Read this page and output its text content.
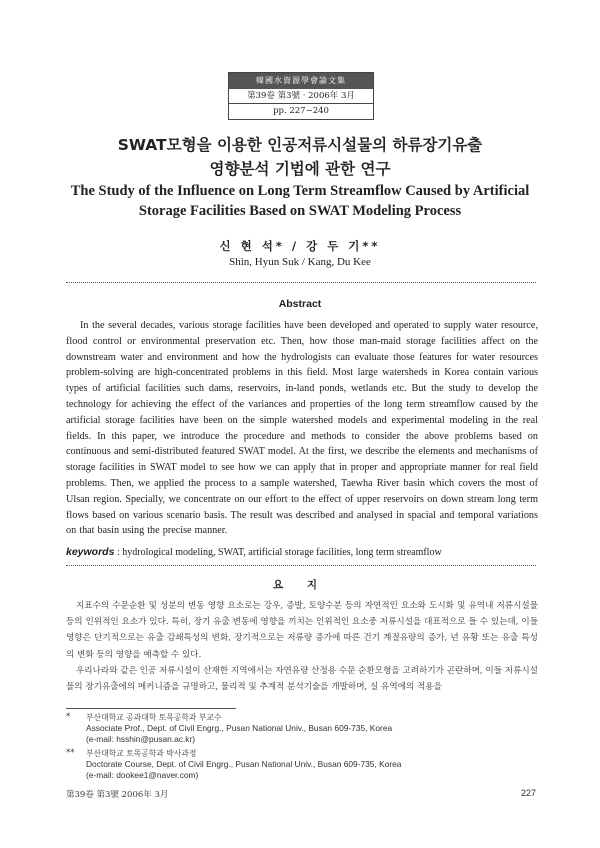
韓國水資源學會論文集
第39卷 第3號 · 2006年 3月
pp. 227~240
SWAT모형을 이용한 인공저류시설물의 하류장기유출
영향분석 기법에 관한 연구
The Study of the Influence on Long Term Streamflow Caused by Artificial
Storage Facilities Based on SWAT Modeling Process
신 현 석* / 강 두 기**
Shin, Hyun Suk / Kang, Du Kee
Abstract

In the several decades, various storage facilities have been developed and operated to supply water resource, flood control or environmental preservation etc. Then, how those man-maid storage facilities affect on the downstream water and environment and how the hydrologists can evaluate those features for water resources problem-solving are high-concentrated problems in this field. Most large watersheds in Korea contain various types of artificial facilities such dams, reservoirs, in-land ponds, wetlands etc. But the study to develop the technology for achieving the effect of the variances and properties of the long term streamflow caused by the artificial storage facilities have been on the simple watershed models and experimental modeling in the real fields. In this paper, we introduce the procedure and methods to consider the above problems based on continuous and semi-distributed featured SWAT model. At the first, we describe the elements and mechanisms of storage facilities in SWAT model to see how we can apply that in proper and appropriate manner for real field problems. Then, we applied the process to a sample watershed, Taewha River basin which covers the most of Ulsan region. Specially, we concentrate on our effort to the effect of upper reservoirs on down stream long term flows based on various scenario basis. The result was described and analysed in spacial and temporal variations on that basin using the precise manner.

keywords : hydrological modeling, SWAT, artificial storage facilities, long term streamflow
요 지

지표수의 수문순환 및 성분의 변동 영향 요소로는 강우, 증발, 토양수분 등의 자연적인 요소와 도시화 및 유역내 저류시설물 등의 인위적인 요소가 있다. 특히, 장기 유출 변동에 영향을 끼치는 인위적인 요소중 저류시설을 대표적으로 들 수 있는데, 이들 영향은 단기적으로는 유출 감쇄특성의 변화, 장기적으로는 저류량 증가에 따른 건기 계절유량의 증가, 년 유황 또는 유출 특성의 변화 등의 영향을 예측할 수 있다.

우리나라와 같은 인공 저류시설이 산재한 지역에서는 자연유량 산정용 수문 순환모형을 고려하기가 곤란하며, 이들 저류시설물의 장기유출에의 메커니즘을 규명하고, 물리적 및 추계적 분석기술을 개발하며, 실 유역에의 적용을

* 부산대학교 공과대학 토목공학과 부교수
Associate Prof., Dept. of Civil Engrg., Pusan National Univ., Busan 609-735, Korea
(e-mail: hsshin@pusan.ac.kr)
** 부산대학교 토목공학과 박사과정
Doctorate Course, Dept. of Civil Engrg., Pusan National Univ., Busan 609-735, Korea
(e-mail: dookee1@naver.com)
第39卷 第3號 2006年 3月	227
